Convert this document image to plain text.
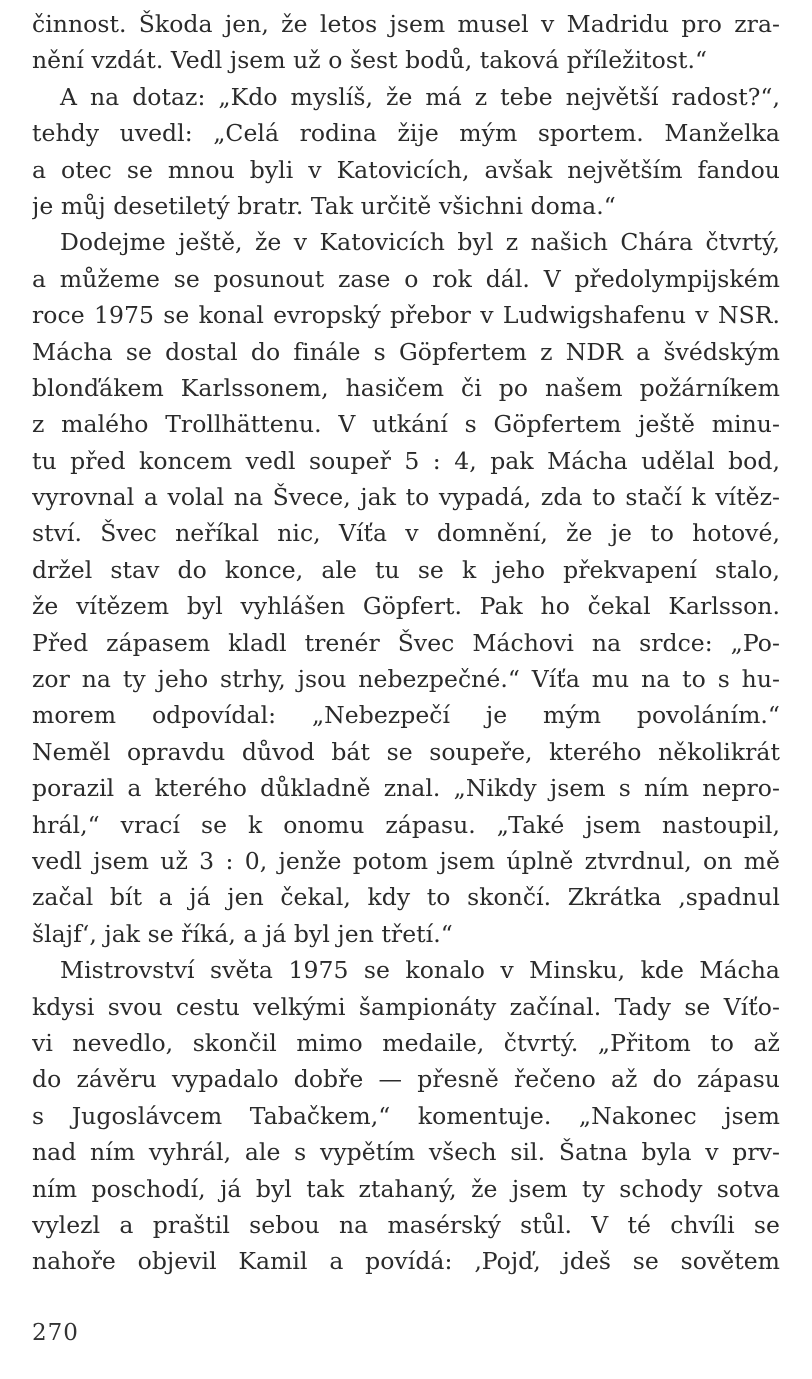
činnost. Škoda jen, že letos jsem musel v Madridu pro zra-
nění vzdát. Vedl jsem už o šest bodů, taková příležitost.“
A na dotaz: „Kdo myslíš, že má z tebe největší radost?“,
tehdy uvedl: „Celá rodina žije mým sportem. Manželka
a otec se mnou byli v Katovicích, avšak největším fandou
je můj desetiletý bratr. Tak určitě všichni doma.“
Dodejme ještě, že v Katovicích byl z našich Chára čtvrtý,
a můžeme se posunout zase o rok dál. V předolympijském
roce 1975 se konal evropský přebor v Ludwigshafenu v NSR.
Mácha se dostal do finále s Göpfertem z NDR a švédským
blonďákem Karlssonem, hasičem či po našem požárníkem
z malého Trollhättenu. V utkání s Göpfertem ještě minu-
tu před koncem vedl soupeř 5 : 4, pak Mácha udělal bod,
vyrovnal a volal na Švece, jak to vypadá, zda to stačí k vítěz-
ství. Švec neříkal nic, Víťa v domnění, že je to hotové,
držel stav do konce, ale tu se k jeho překvapení stalo,
že vítězem byl vyhlášen Göpfert. Pak ho čekal Karlsson.
Před zápasem kladl trenér Švec Máchovi na srdce: „Po-
zor na ty jeho strhy, jsou nebezpečné.“ Víťa mu na to s hu-
morem odpovídal: „Nebezpečí je mým povoláním.“
Neměl opravdu důvod bát se soupeře, kterého několikrát
porazil a kterého důkladně znal. „Nikdy jsem s ním nepro-
hrál,“ vrací se k onomu zápasu. „Také jsem nastoupil,
vedl jsem už 3 : 0, jenže potom jsem úplně ztvrdnul, on mě
začal bít a já jen čekal, kdy to skončí. Zkrátka ‚spadnul
šlajf‘, jak se říká, a já byl jen třetí.“
Mistrovství světa 1975 se konalo v Minsku, kde Mácha
kdysi svou cestu velkými šampionáty začínal. Tady se Víťo-
vi nevedlo, skončil mimo medaile, čtvrtý. „Přitom to až
do závěru vypadalo dobře — přesně řečeno až do zápasu
s Jugoslávcem Tabačkem,“ komentuje. „Nakonec jsem
nad ním vyhrál, ale s vypětím všech sil. Šatna byla v prv-
ním poschodí, já byl tak ztahaný, že jsem ty schody sotva
vylezl a praštil sebou na masérský stůl. V té chvíli se
nahoře objevil Kamil a povídá: ‚Pojď, jdeš se sovětem
270
